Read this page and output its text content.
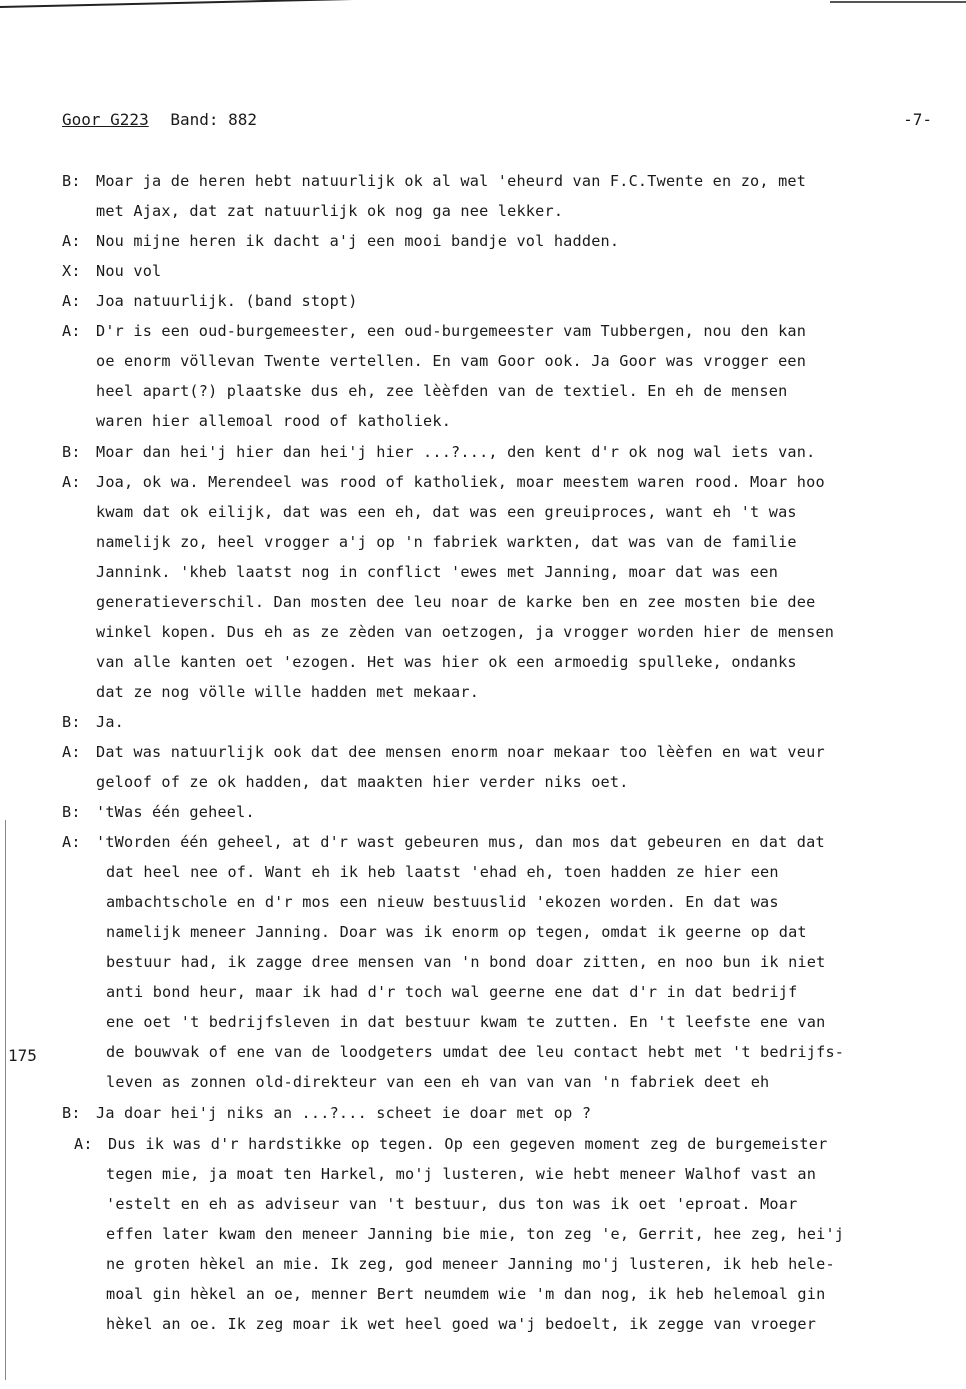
Goor G223 Band: 882	-7-
175
B: Moar ja de heren hebt natuurlijk ok al wal 'eheurd van F.C.Twente en zo, met
met Ajax, dat zat natuurlijk ok nog ga nee lekker.
A: Nou mijne heren ik dacht a'j een mooi bandje vol hadden.
X: Nou vol
A: Joa natuurlijk. (band stopt)
A: D'r is een oud-burgemeester, een oud-burgemeester vam Tubbergen, nou den kan
oe enorm völlevan Twente vertellen. En vam Goor ook. Ja Goor was vrogger een
heel apart(?) plaatske dus eh, zee lèèfden van de textiel. En eh de mensen
waren hier allemoal rood of katholiek.
B: Moar dan hei'j hier dan hei'j hier ...?..., den kent d'r ok nog wal iets van.
A: Joa, ok wa. Merendeel was rood of katholiek, moar meestem waren rood. Moar hoo
kwam dat ok eilijk, dat was een eh, dat was een greuiproces, want eh 't was
namelijk zo, heel vrogger a'j op 'n fabriek warkten, dat was van de familie
Jannink. 'kheb laatst nog in conflict 'ewes met Janning, moar dat was een
generatieverschil. Dan mosten dee leu noar de karke ben en zee mosten bie dee
winkel kopen. Dus eh as ze zèden van oetzogen, ja vrogger worden hier de mensen
van alle kanten oet 'ezogen. Het was hier ok een armoedig spulleke, ondanks
dat ze nog völle wille hadden met mekaar.
B: Ja.
A: Dat was natuurlijk ook dat dee mensen enorm noar mekaar too lèèfen en wat veur
geloof of ze ok hadden, dat maakten hier verder niks oet.
B: 'tWas één geheel.
A: 'tWorden één geheel, at d'r wast gebeuren mus, dan mos dat gebeuren en dat dat
dat heel nee of. Want eh ik heb laatst 'ehad eh, toen hadden ze hier een
ambachtschole en d'r mos een nieuw bestuuslid 'ekozen worden. En dat was
namelijk meneer Janning. Doar was ik enorm op tegen, omdat ik geerne op dat
bestuur had, ik zagge dree mensen van 'n bond doar zitten, en noo bun ik niet
anti bond heur, maar ik had d'r toch wal geerne ene dat d'r in dat bedrijf
ene oet 't bedrijfsleven in dat bestuur kwam te zutten. En 't leefste ene van
de bouwvak of ene van de loodgeters umdat dee leu contact hebt met 't bedrijfs-
leven as zonnen old-direkteur van een eh van van van 'n fabriek deet eh
B: Ja doar hei'j niks an ...?... scheet ie doar met op ?
A: Dus ik was d'r hardstikke op tegen. Op een gegeven moment zeg de burgemeister
tegen mie, ja moat ten Harkel, mo'j lusteren, wie hebt meneer Walhof vast an
'estelt en eh as adviseur van 't bestuur, dus ton was ik oet 'eproat. Moar
effen later kwam den meneer Janning bie mie, ton zeg 'e, Gerrit, hee zeg, hei'j
ne groten hèkel an mie. Ik zeg, god meneer Janning mo'j lusteren, ik heb hele-
moal gin hèkel an oe, menner Bert neumdem wie 'm dan nog, ik heb helemoal gin
hèkel an oe. Ik zeg moar ik wet heel goed wa'j bedoelt, ik zegge van vroeger
